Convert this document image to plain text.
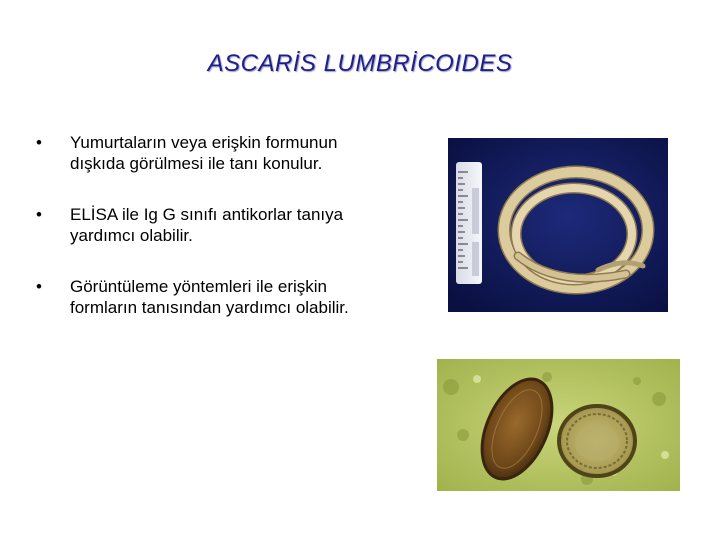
ASCARİS LUMBRİCOIDES
• Yumurtaların veya erişkin formunun dışkıda görülmesi ile tanı konulur.
• ELİSA ile Ig G sınıfı antikorlar tanıya yardımcı olabilir.
• Görüntüleme yöntemleri ile erişkin formların tanısından yardımcı olabilir.
